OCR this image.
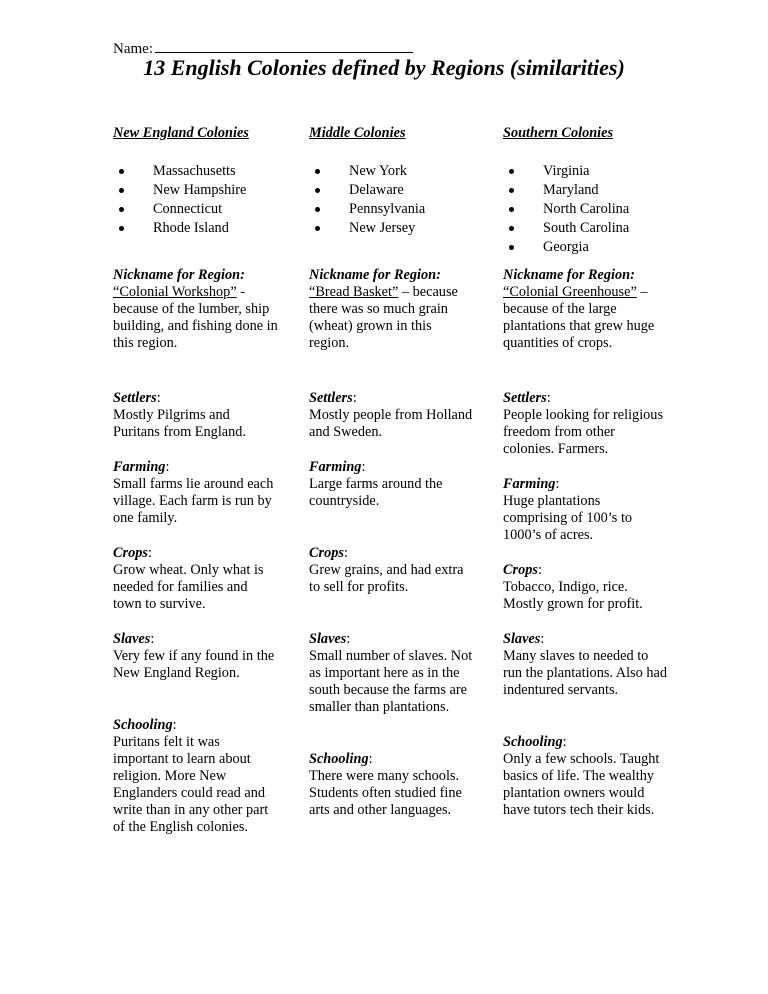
Name:
13 English Colonies defined by Regions (similarities)
New England Colonies
Massachusetts
New Hampshire
Connecticut
Rhode Island
Nickname for Region:
“Colonial Workshop” - because of the lumber, ship building, and fishing done in this region.
Settlers:
Mostly Pilgrims and Puritans from England.
Farming:
Small farms lie around each village. Each farm is run by one family.
Crops:
Grow wheat. Only what is needed for families and town to survive.
Slaves:
Very few if any found in the New England Region.
Schooling:
Puritans felt it was important to learn about religion. More New Englanders could read and write than in any other part of the English colonies.
Middle Colonies
New York
Delaware
Pennsylvania
New Jersey
Nickname for Region:
“Bread Basket” – because there was so much grain (wheat) grown in this region.
Settlers:
Mostly people from Holland and Sweden.
Farming:
Large farms around the countryside.
Crops:
Grew grains, and had extra to sell for profits.
Slaves:
Small number of slaves. Not as important here as in the south because the farms are smaller than plantations.
Schooling:
There were many schools. Students often studied fine arts and other languages.
Southern Colonies
Virginia
Maryland
North Carolina
South Carolina
Georgia
Nickname for Region:
“Colonial Greenhouse” – because of the large plantations that grew huge quantities of crops.
Settlers:
People looking for religious freedom from other colonies. Farmers.
Farming:
Huge plantations comprising of 100’s to 1000’s of acres.
Crops:
Tobacco, Indigo, rice. Mostly grown for profit.
Slaves:
Many slaves to needed to run the plantations. Also had indentured servants.
Schooling:
Only a few schools. Taught basics of life. The wealthy plantation owners would have tutors tech their kids.
